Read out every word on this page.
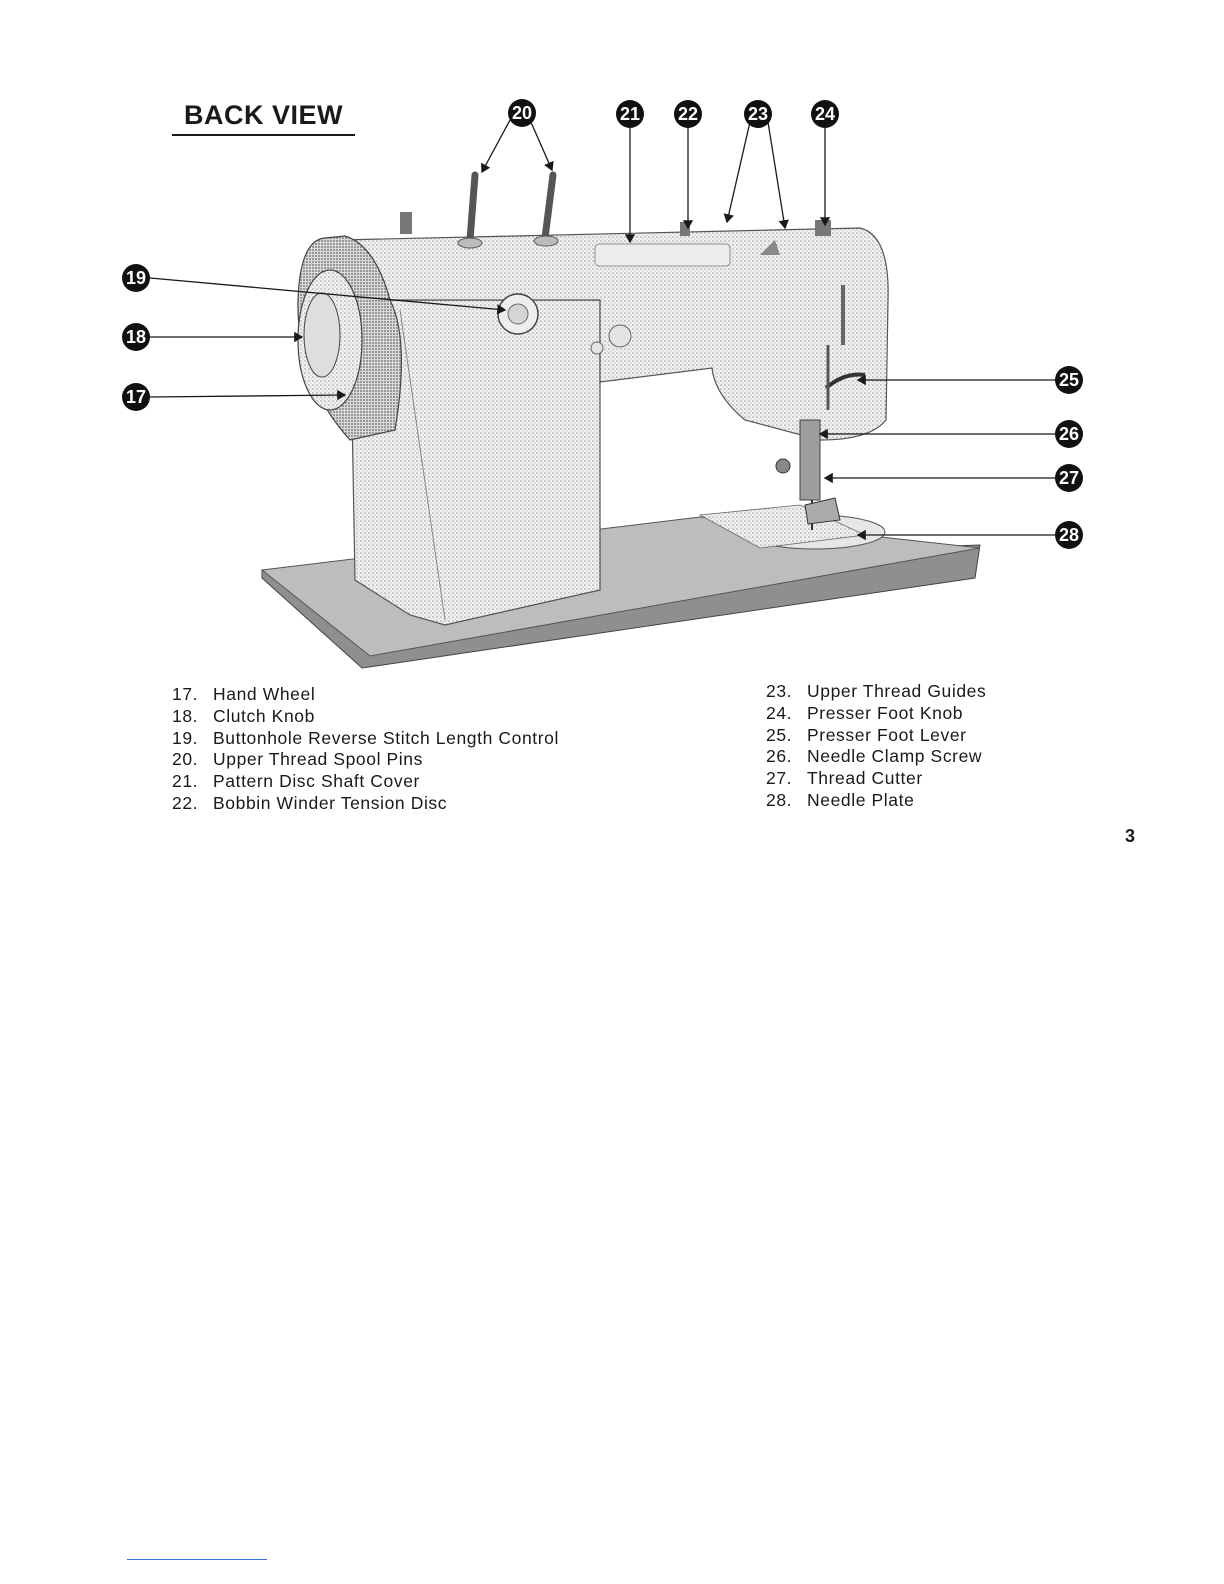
BACK VIEW
17
18
19
20	21 22	23	24
25
26
27
28
17. Hand Wheel
18. Clutch Knob
19. Buttonhole Reverse Stitch Length Control
20. Upper Thread Spool Pins
21. Pattern Disc Shaft Cover
22. Bobbin Winder Tension Disc
23. Upper Thread Guides
24. Presser Foot Knob
25. Presser Foot Lever
26. Needle Clamp Screw
27. Thread Cutter
28. Needle Plate
3
